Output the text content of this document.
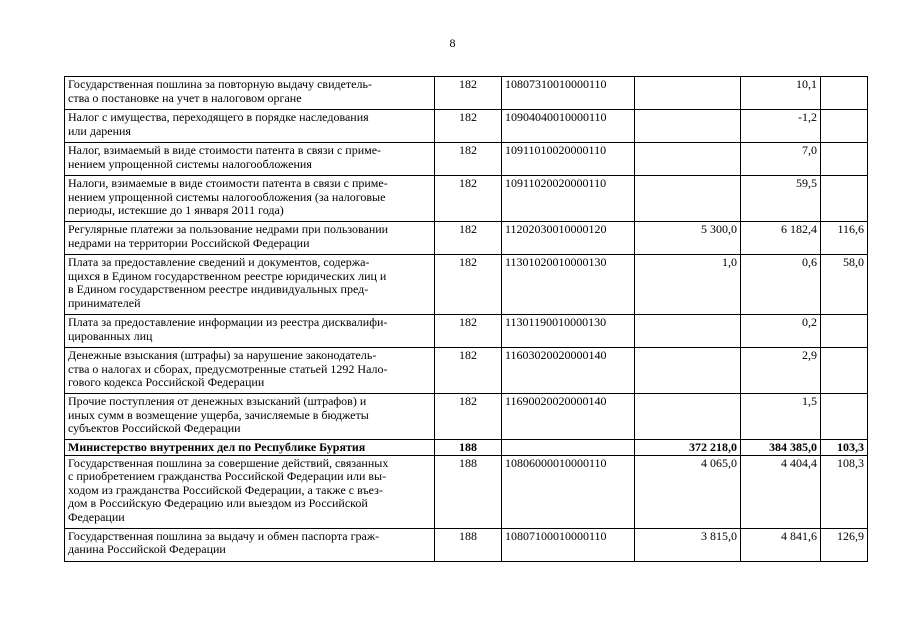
8
Государственная пошлина за повторную выдачу свидетель-
ства о постановке на учет в налоговом органе	182	10807310010000110		10,1	
Налог с имущества, переходящего в порядке наследования
или дарения	182	10904040010000110		-1,2	
Налог, взимаемый в виде стоимости патента в связи с приме-
нением упрощенной системы налогообложения	182	10911010020000110		7,0	
Налоги, взимаемые в виде стоимости патента в связи с приме-
нением упрощенной системы налогообложения (за налоговые
периоды, истекшие до 1 января 2011 года)	182	10911020020000110		59,5	
Регулярные платежи за пользование недрами при пользовании
недрами на территории Российской Федерации	182	11202030010000120	5 300,0	6 182,4	116,6
Плата за предоставление сведений и документов, содержа-
щихся в Едином государственном реестре юридических лиц и
в Едином государственном реестре индивидуальных пред-
принимателей	182	11301020010000130	1,0	0,6	58,0
Плата за предоставление информации из реестра дисквалифи-
цированных лиц	182	11301190010000130		0,2	
Денежные взыскания (штрафы) за нарушение законодатель-
ства о налогах и сборах, предусмотренные статьей 1292 Нало-
гового кодекса Российской Федерации	182	11603020020000140		2,9	
Прочие поступления от денежных взысканий (штрафов) и
иных сумм в возмещение ущерба, зачисляемые в бюджеты
субъектов Российской Федерации	182	11690020020000140		1,5	
Министерство внутренних дел по Республике Бурятия	188		372 218,0	384 385,0	103,3
Государственная пошлина за совершение действий, связанных
с приобретением гражданства Российской Федерации или вы-
ходом из гражданства Российской Федерации, а также с въез-
дом в Российскую Федерацию или выездом из Российской
Федерации	188	10806000010000110	4 065,0	4 404,4	108,3
Государственная пошлина за выдачу и обмен паспорта граж-
данина Российской Федерации	188	10807100010000110	3 815,0	4 841,6	126,9
